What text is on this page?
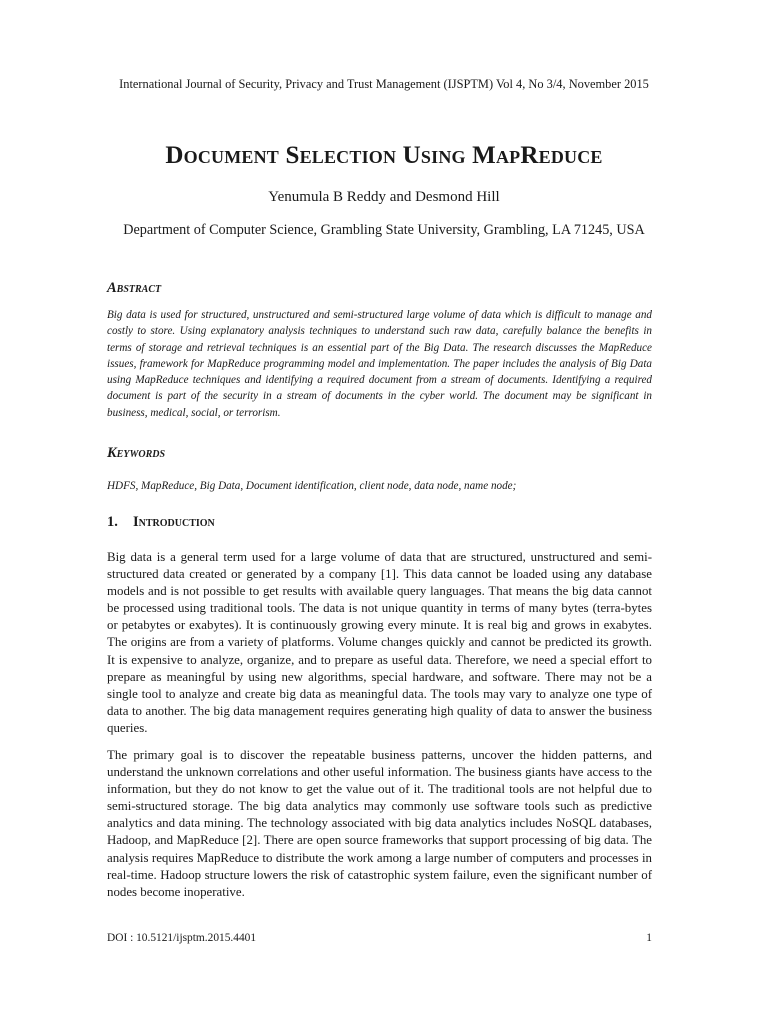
International Journal of Security, Privacy and Trust Management (IJSPTM) Vol 4, No 3/4, November 2015
Document Selection Using MapReduce
Yenumula B Reddy and Desmond Hill
Department of Computer Science, Grambling State University, Grambling, LA 71245, USA
Abstract
Big data is used for structured, unstructured and semi-structured large volume of data which is difficult to manage and costly to store. Using explanatory analysis techniques to understand such raw data, carefully balance the benefits in terms of storage and retrieval techniques is an essential part of the Big Data. The research discusses the MapReduce issues, framework for MapReduce programming model and implementation. The paper includes the analysis of Big Data using MapReduce techniques and identifying a required document from a stream of documents. Identifying a required document is part of the security in a stream of documents in the cyber world. The document may be significant in business, medical, social, or terrorism.
Keywords
HDFS, MapReduce, Big Data, Document identification, client node, data node, name node;
1. Introduction
Big data is a general term used for a large volume of data that are structured, unstructured and semi-structured data created or generated by a company [1]. This data cannot be loaded using any database models and is not possible to get results with available query languages. That means the big data cannot be processed using traditional tools. The data is not unique quantity in terms of many bytes (terra-bytes or petabytes or exabytes). It is continuously growing every minute. It is real big and grows in exabytes. The origins are from a variety of platforms. Volume changes quickly and cannot be predicted its growth. It is expensive to analyze, organize, and to prepare as useful data. Therefore, we need a special effort to prepare as meaningful by using new algorithms, special hardware, and software. There may not be a single tool to analyze and create big data as meaningful data. The tools may vary to analyze one type of data to another. The big data management requires generating high quality of data to answer the business queries.
The primary goal is to discover the repeatable business patterns, uncover the hidden patterns, and understand the unknown correlations and other useful information. The business giants have access to the information, but they do not know to get the value out of it. The traditional tools are not helpful due to semi-structured storage. The big data analytics may commonly use software tools such as predictive analytics and data mining. The technology associated with big data analytics includes NoSQL databases, Hadoop, and MapReduce [2]. There are open source frameworks that support processing of big data. The analysis requires MapReduce to distribute the work among a large number of computers and processes in real-time. Hadoop structure lowers the risk of catastrophic system failure, even the significant number of nodes become inoperative.
DOI : 10.5121/ijsptm.2015.4401	1
